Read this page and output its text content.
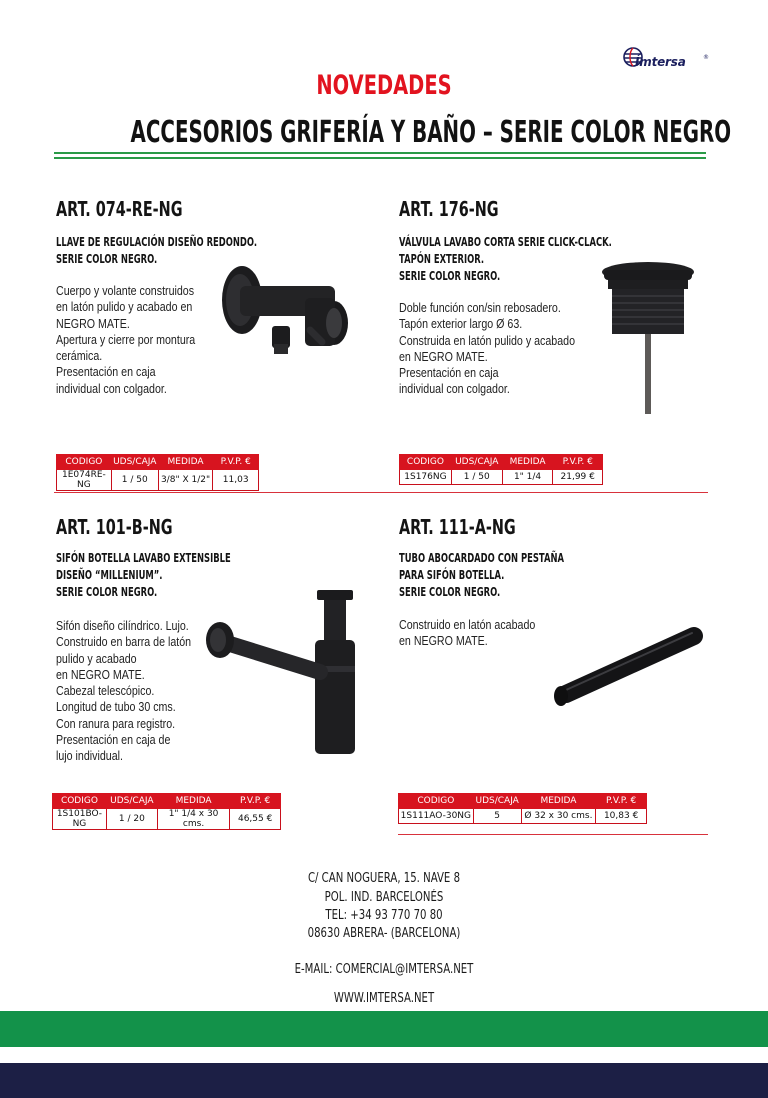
Ímtersa	®
NOVEDADES
ACCESORIOS GRIFERÍA Y BAÑO – SERIE COLOR NEGRO
ART. 074-RE-NG
LLAVE DE REGULACIÓN DISEÑO REDONDO.
SERIE COLOR NEGRO.
Cuerpo y volante construidos
en latón pulido y acabado en
NEGRO MATE.
Apertura y cierre por montura
cerámica.
Presentación en caja
individual con colgador.
CODIGO	UDS/CAJA	MEDIDA	P.V.P. €
1E074RE-NG	1 / 50	3/8" X 1/2"	11,03
ART. 176-NG
VÁLVULA LAVABO CORTA SERIE CLICK-CLACK.
TAPÓN EXTERIOR.
SERIE COLOR NEGRO.
Doble función con/sin rebosadero.
Tapón exterior largo Ø 63.
Construida en latón pulido y acabado
en NEGRO MATE.
Presentación en caja
individual con colgador.
CODIGO	UDS/CAJA	MEDIDA	P.V.P. €
1S176NG	1 / 50	1" 1/4	21,99 €
ART. 101-B-NG
SIFÓN BOTELLA LAVABO EXTENSIBLE
DISEÑO “MILLENIUM”.
SERIE COLOR NEGRO.
Sifón diseño cilíndrico. Lujo.
Construido en barra de latón
pulido y acabado
en NEGRO MATE.
Cabezal telescópico.
Longitud de tubo 30 cms.
Con ranura para registro.
Presentación en caja de
lujo individual.
CODIGO	UDS/CAJA	MEDIDA	P.V.P. €
1S101BO-NG	1 / 20	1" 1/4 x 30 cms.	46,55 €
ART. 111-A-NG
TUBO ABOCARDADO CON PESTAÑA
PARA SIFÓN BOTELLA.
SERIE COLOR NEGRO.
Construido en latón acabado
en NEGRO MATE.
CODIGO	UDS/CAJA	MEDIDA	P.V.P. €
1S111AO-30NG	5	Ø 32 x 30 cms.	10,83 €
C/ CAN NOGUERA, 15. NAVE 8
POL. IND. BARCELONÉS
TEL: +34 93 770 70 80
08630 ABRERA- (BARCELONA)
E-MAIL: COMERCIAL@IMTERSA.NET
WWW.IMTERSA.NET
